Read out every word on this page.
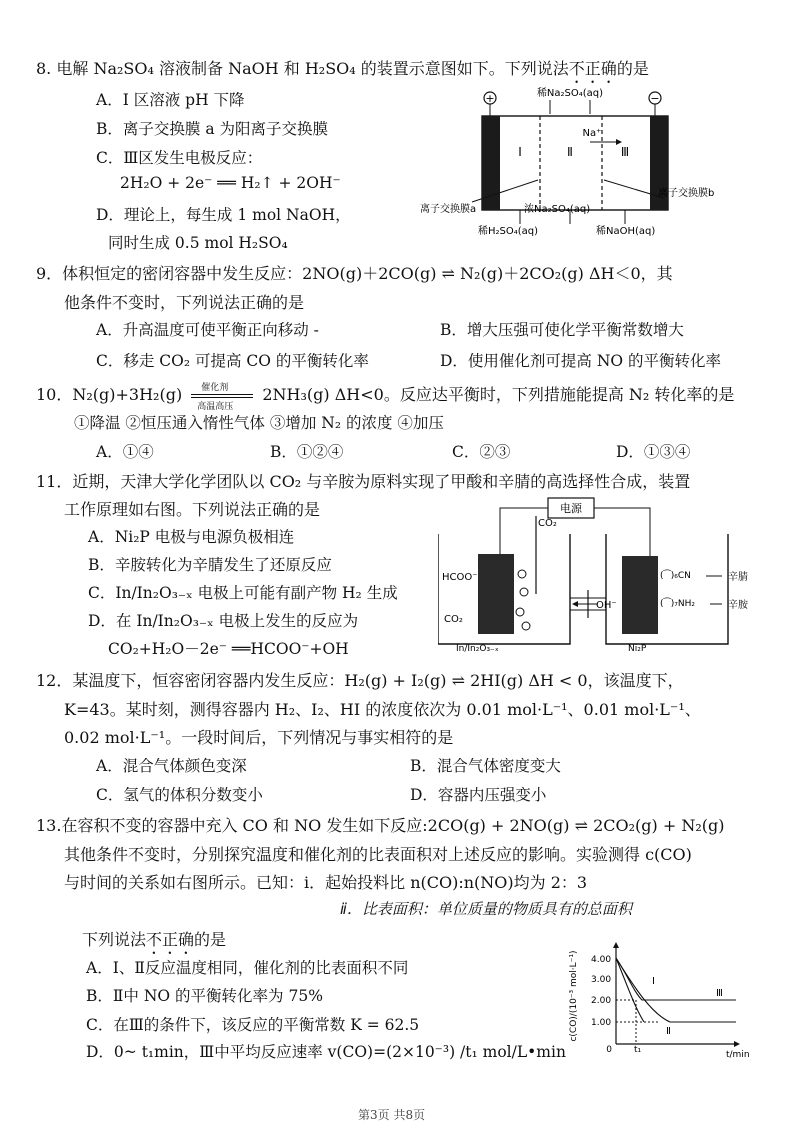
8. 电解 Na₂SO₄ 溶液制备 NaOH 和 H₂SO₄ 的装置示意图如下。下列说法不正确的是
A．Ⅰ 区溶液 pH 下降
B．离子交换膜 a 为阳离子交换膜
C．Ⅲ区发生电极反应：
2H₂O + 2e⁻ ══ H₂↑ + 2OH⁻
D．理论上，每生成 1 mol NaOH，
同时生成 0.5 mol H₂SO₄
+	−
稀Na₂SO₄(aq)
Ⅰ	Ⅱ	Ⅲ
Na⁺
离子交换膜a	浓Na₂SO₄(aq)
离子交换膜b
稀H₂SO₄(aq)	稀NaOH(aq)
9．体积恒定的密闭容器中发生反应：2NO(g)＋2CO(g) ⇌ N₂(g)＋2CO₂(g) ΔH＜0，其
他条件不变时，下列说法正确的是
A．升高温度可使平衡正向移动 -	B．增大压强可使化学平衡常数增大
C．移走 CO₂ 可提高 CO 的平衡转化率	D．使用催化剂可提高 NO 的平衡转化率
10．N₂(g)+3H₂(g) 催化剂
高温高压
2NH₃(g) ΔH<0。反应达平衡时，下列措施能提高 N₂ 转化率的是
①降温 ②恒压通入惰性气体 ③增加 N₂ 的浓度 ④加压
A．①④	B．①②④	C．②③	D．①③④
11．近期，天津大学化学团队以 CO₂ 与辛胺为原料实现了甲酸和辛腈的高选择性合成，装置
工作原理如右图。下列说法正确的是
A．Ni₂P 电极与电源负极相连
B．辛胺转化为辛腈发生了还原反应
C．In/In₂O₃₋ₓ 电极上可能有副产物 H₂ 生成
D．在 In/In₂O₃₋ₓ 电极上发生的反应为
CO₂+H₂O－2e⁻ ══HCOO⁻+OH
电源
CO₂
OH⁻
HCOO⁻
CO₂
In/In₂O₃₋ₓ	Ni₂P
(⁀)₆CN
(⁀)₇NH₂
辛腈
辛胺
12．某温度下，恒容密闭容器内发生反应：H₂(g) + I₂(g) ⇌ 2HI(g) ΔH < 0，该温度下，
K=43。某时刻，测得容器内 H₂、I₂、HI 的浓度依次为 0.01 mol·L⁻¹、0.01 mol·L⁻¹、
0.02 mol·L⁻¹。一段时间后，下列情况与事实相符的是
A．混合气体颜色变深	B．混合气体密度变大
C．氢气的体积分数变小	D．容器内压强变小
13.在容积不变的容器中充入 CO 和 NO 发生如下反应:2CO(g) + 2NO(g) ⇌ 2CO₂(g) + N₂(g)
其他条件不变时，分别探究温度和催化剂的比表面积对上述反应的影响。实验测得 c(CO)
与时间的关系如右图所示。已知：ⅰ．起始投料比 n(CO):n(NO)均为 2：3
ⅱ．比表面积：单位质量的物质具有的总面积
下列说法不正确的是
A．Ⅰ、Ⅱ反应温度相同，催化剂的比表面积不同
B．Ⅱ中 NO 的平衡转化率为 75%
C．在Ⅲ的条件下，该反应的平衡常数 K = 62.5
D．0~ t₁min，Ⅲ中平均反应速率 v(CO)=(2×10⁻³) /t₁ mol/L•min
c(CO)/(10⁻³ mol·L⁻¹)
0
4.00
3.00
2.00
1.00
t₁	t/min
Ⅰ
Ⅱ
Ⅲ
第3页 共8页
